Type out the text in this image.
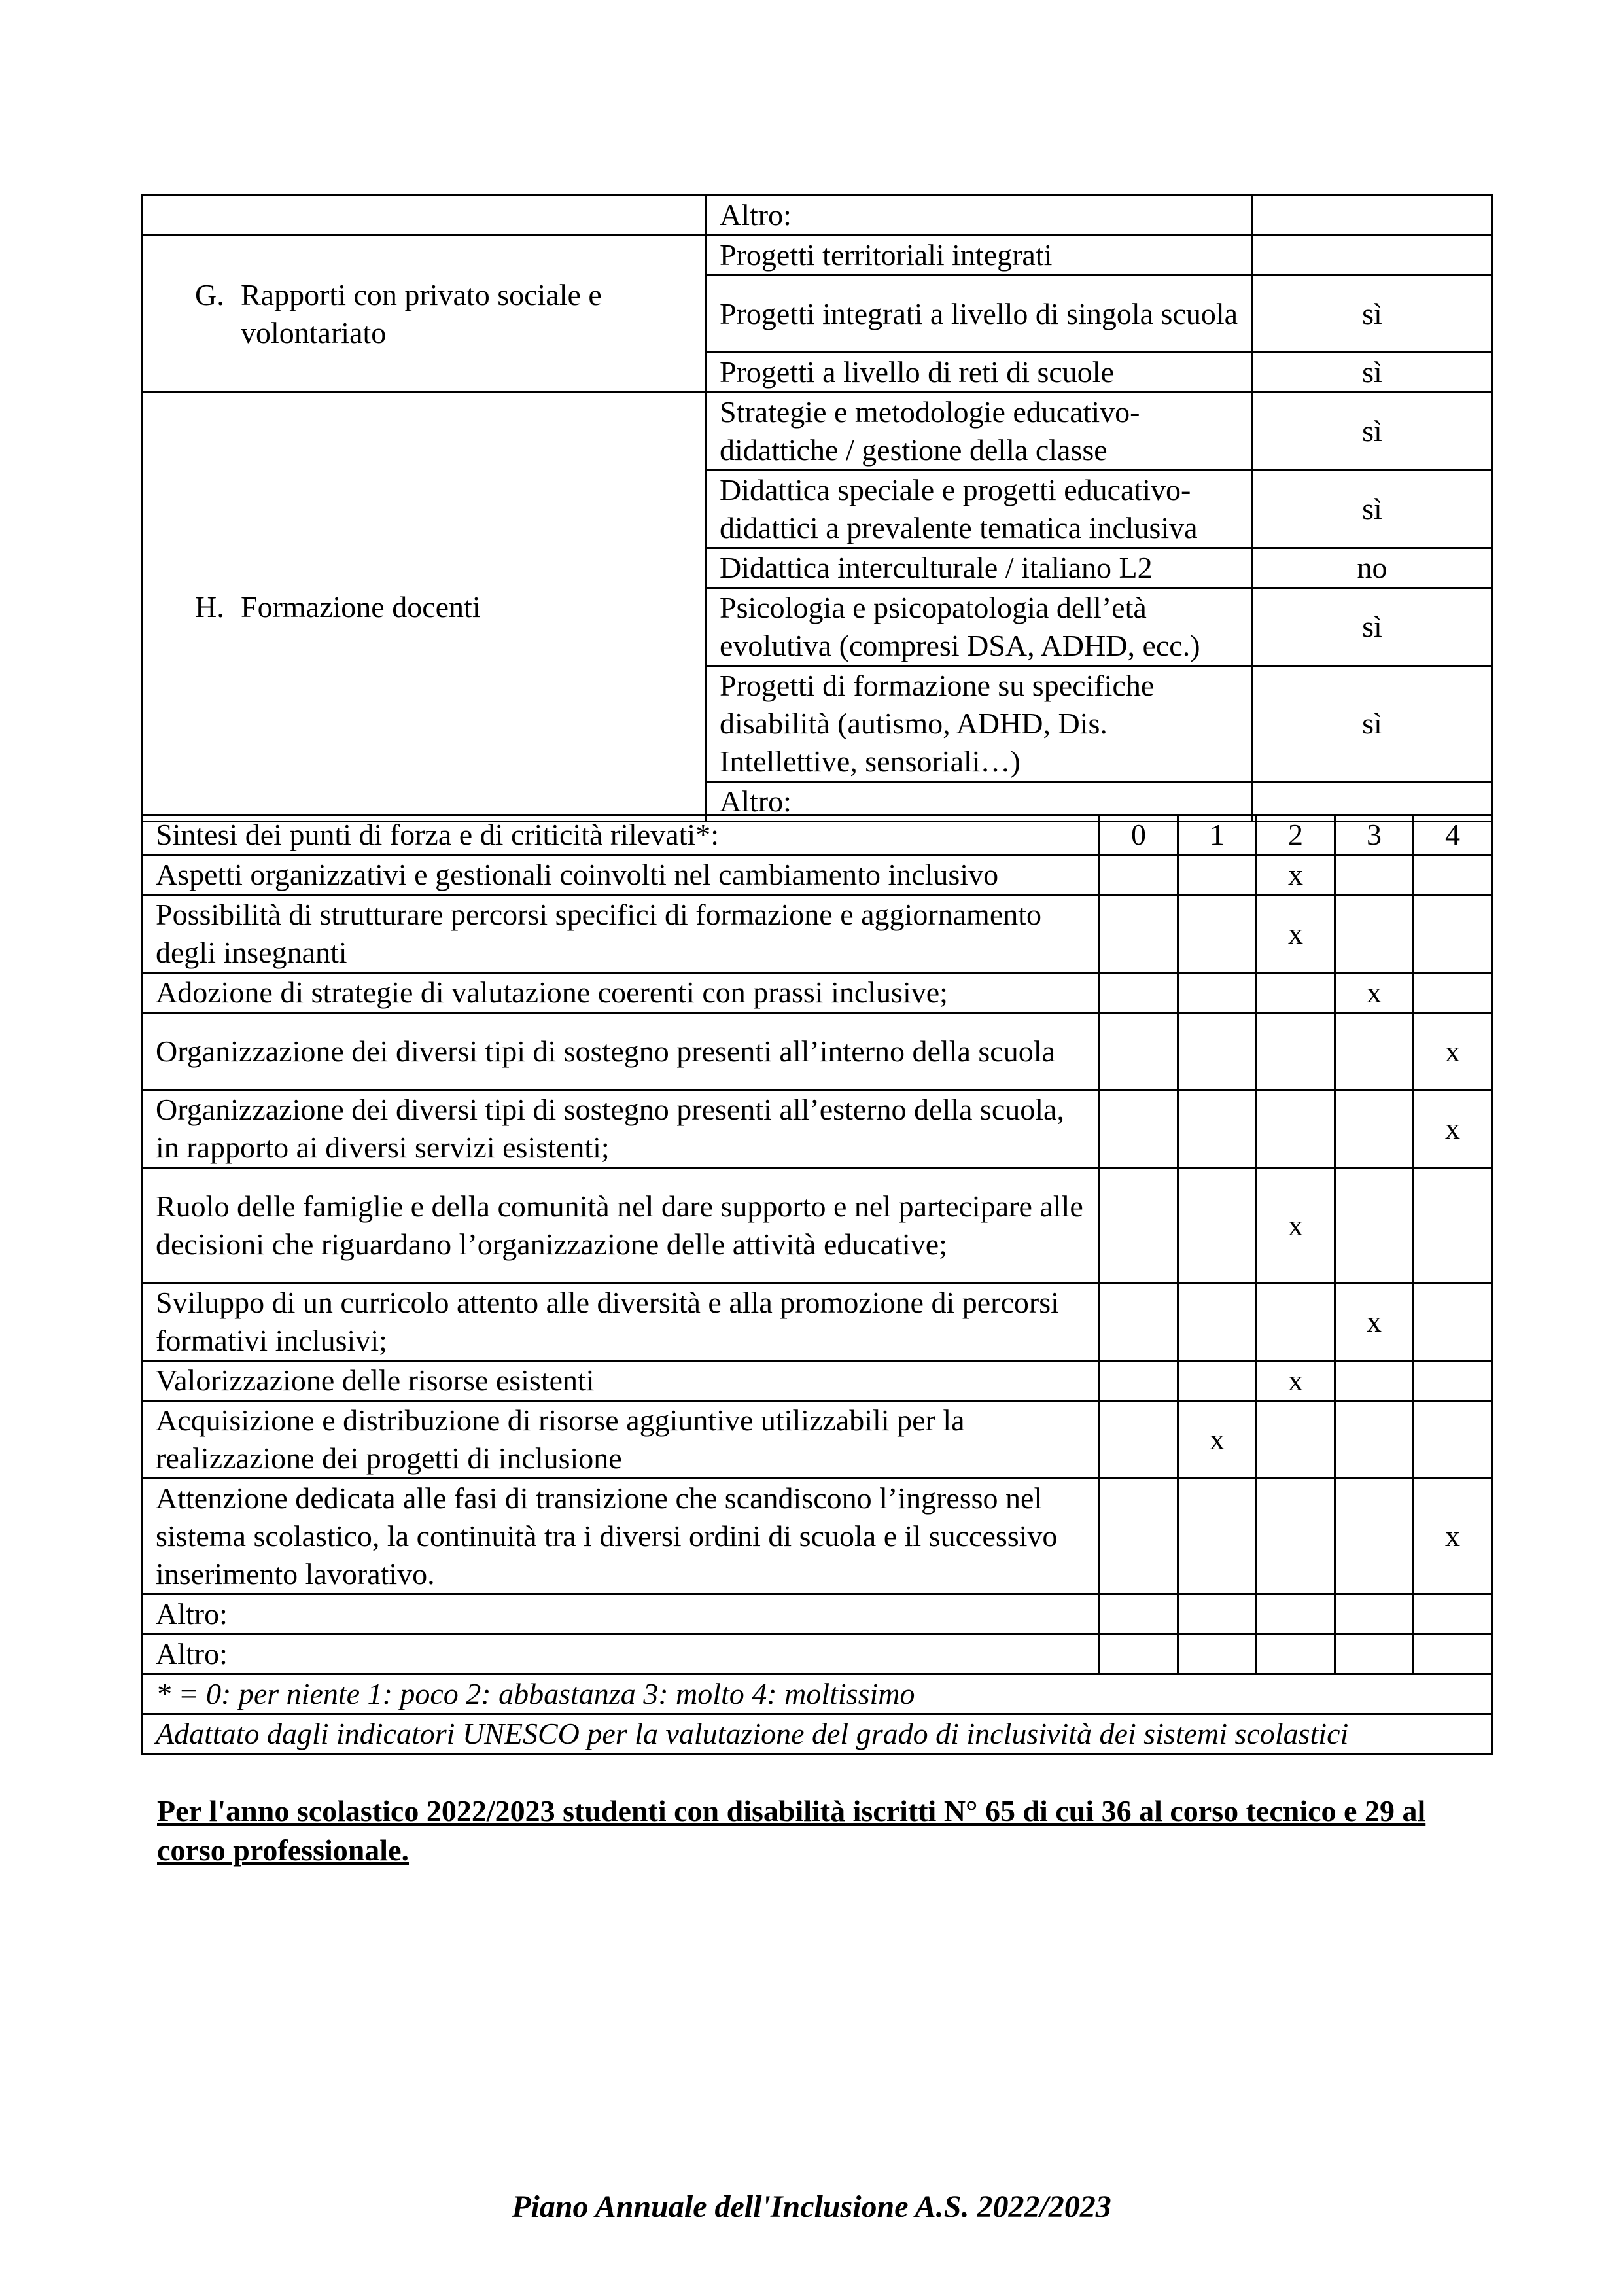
	Altro:	
G. Rapporti con privato sociale e volontariato	Progetti territoriali integrati	
	Progetti integrati a livello di singola scuola	sì
	Progetti a livello di reti di scuole	sì
H. Formazione docenti	Strategie e metodologie educativo-didattiche / gestione della classe	sì
	Didattica speciale e progetti educativo-didattici a prevalente tematica inclusiva	sì
	Didattica interculturale / italiano L2	no
	Psicologia e psicopatologia dell’età evolutiva (compresi DSA, ADHD, ecc.)	sì
	Progetti di formazione su specifiche disabilità (autismo, ADHD, Dis. Intellettive, sensoriali…)	sì
	Altro:	
Sintesi dei punti di forza e di criticità rilevati*:	0	1	2	3	4
Aspetti organizzativi e gestionali coinvolti nel cambiamento inclusivo			x		
Possibilità di strutturare percorsi specifici di formazione e aggiornamento degli insegnanti			x		
Adozione di strategie di valutazione coerenti con prassi inclusive;				x	
Organizzazione dei diversi tipi di sostegno presenti all’interno della scuola					x
Organizzazione dei diversi tipi di sostegno presenti all’esterno della scuola, in rapporto ai diversi servizi esistenti;					x
Ruolo delle famiglie e della comunità nel dare supporto e nel partecipare alle decisioni che riguardano l’organizzazione delle attività educative;			x		
Sviluppo di un curricolo attento alle diversità e alla promozione di percorsi formativi inclusivi;				x	
Valorizzazione delle risorse esistenti			x		
Acquisizione e distribuzione di risorse aggiuntive utilizzabili per la realizzazione dei progetti di inclusione		x			
Attenzione dedicata alle fasi di transizione che scandiscono l’ingresso nel sistema scolastico, la continuità tra i diversi ordini di scuola e il successivo inserimento lavorativo.					x
Altro:					
Altro:					
* = 0: per niente 1: poco 2: abbastanza 3: molto 4: moltissimo					
Adattato dagli indicatori UNESCO per la valutazione del grado di inclusività dei sistemi scolastici					
Per l'anno scolastico 2022/2023 studenti con disabilità iscritti N° 65 di cui 36 al corso tecnico e 29 al corso professionale.
Piano Annuale dell'Inclusione A.S. 2022/2023
